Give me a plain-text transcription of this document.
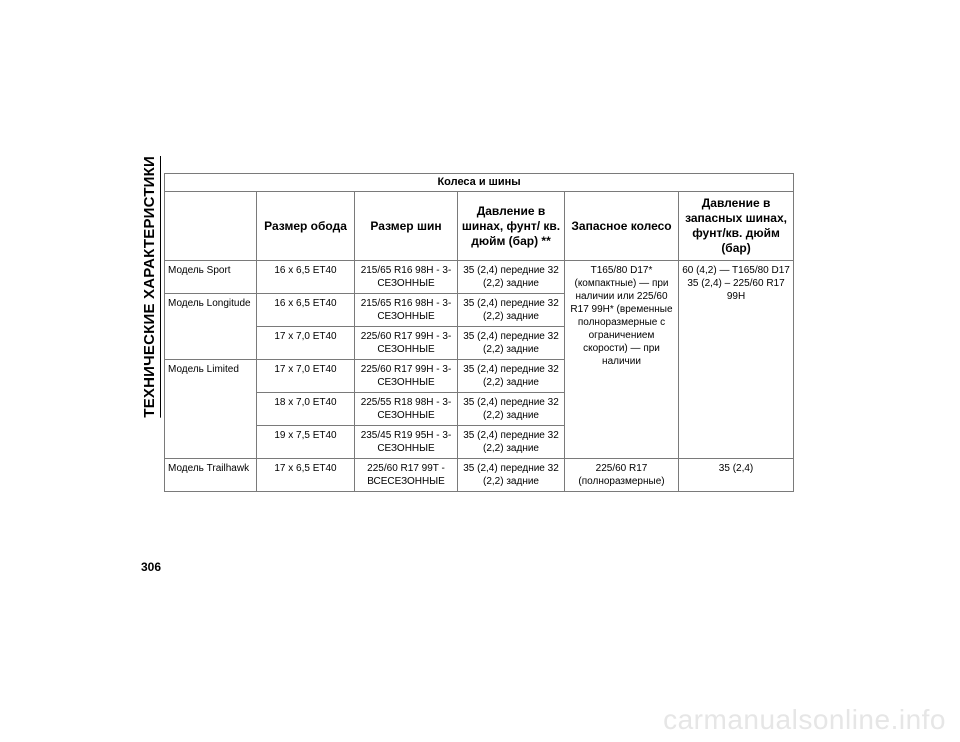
ТЕХНИЧЕСКИЕ ХАРАКТЕРИСТИКИ	Колеса и шины					
	Размер обода	Размер шин	Давление в шинах, фунт/ кв. дюйм (бар) **	Запасное колесо	Давление в запасных шинах, фунт/кв. дюйм (бар)
Модель Sport	16 x 6,5 ET40	215/65 R16 98H - 3-СЕЗОННЫЕ	35 (2,4) передние 32 (2,2) задние	T165/80 D17* (компактные) — при наличии или 225/60 R17 99H* (временные полноразмерные с ограничением скорости) — при наличии	60 (4,2) — T165/80 D17 35 (2,4) – 225/60 R17 99H
Модель Longitude	16 x 6,5 ET40	215/65 R16 98H - 3-СЕЗОННЫЕ	35 (2,4) передние 32 (2,2) задние		
	17 x 7,0 ET40	225/60 R17 99H - 3-СЕЗОННЫЕ	35 (2,4) передние 32 (2,2) задние		
Модель Limited	17 x 7,0 ET40	225/60 R17 99H - 3-СЕЗОННЫЕ	35 (2,4) передние 32 (2,2) задние		
	18 x 7,0 ET40	225/55 R18 98H - 3-СЕЗОННЫЕ	35 (2,4) передние 32 (2,2) задние		
	19 x 7,5 ET40	235/45 R19 95H - 3-СЕЗОННЫЕ	35 (2,4) передние 32 (2,2) задние		
Модель Trailhawk	17 x 6,5 ET40	225/60 R17 99T - ВСЕСЕЗОННЫЕ	35 (2,4) передние 32 (2,2) задние	225/60 R17 (полноразмерные)	35 (2,4)
306
carmanualsonline.info
